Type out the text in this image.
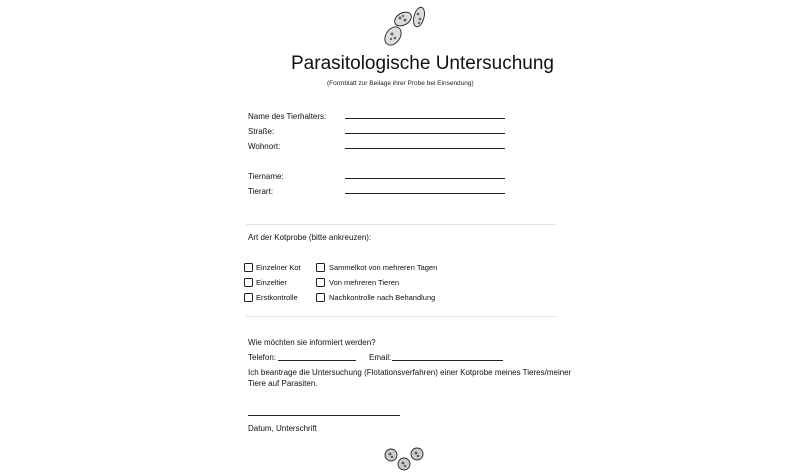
Parasitologische Untersuchung
(Formblatt zur Beilage ihrer Probe bei Einsendung)
Name des Tierhalters:
Straße:
Wohnort:
Tiername:
Tierart:
Art der Kotprobe (bitte ankreuzen):
Einzelner Kot
Einzeltier
Erstkontrolle
Sammelkot von mehreren Tagen
Von mehreren Tieren
Nachkontrolle nach Behandlung
Wie möchten sie informiert werden?
Telefon:	Email:
Ich beantrage die Untersuchung (Flotationsverfahren) einer Kotprobe meines Tieres/meiner
Tiere auf Parasiten.
Datum, Unterschrift
